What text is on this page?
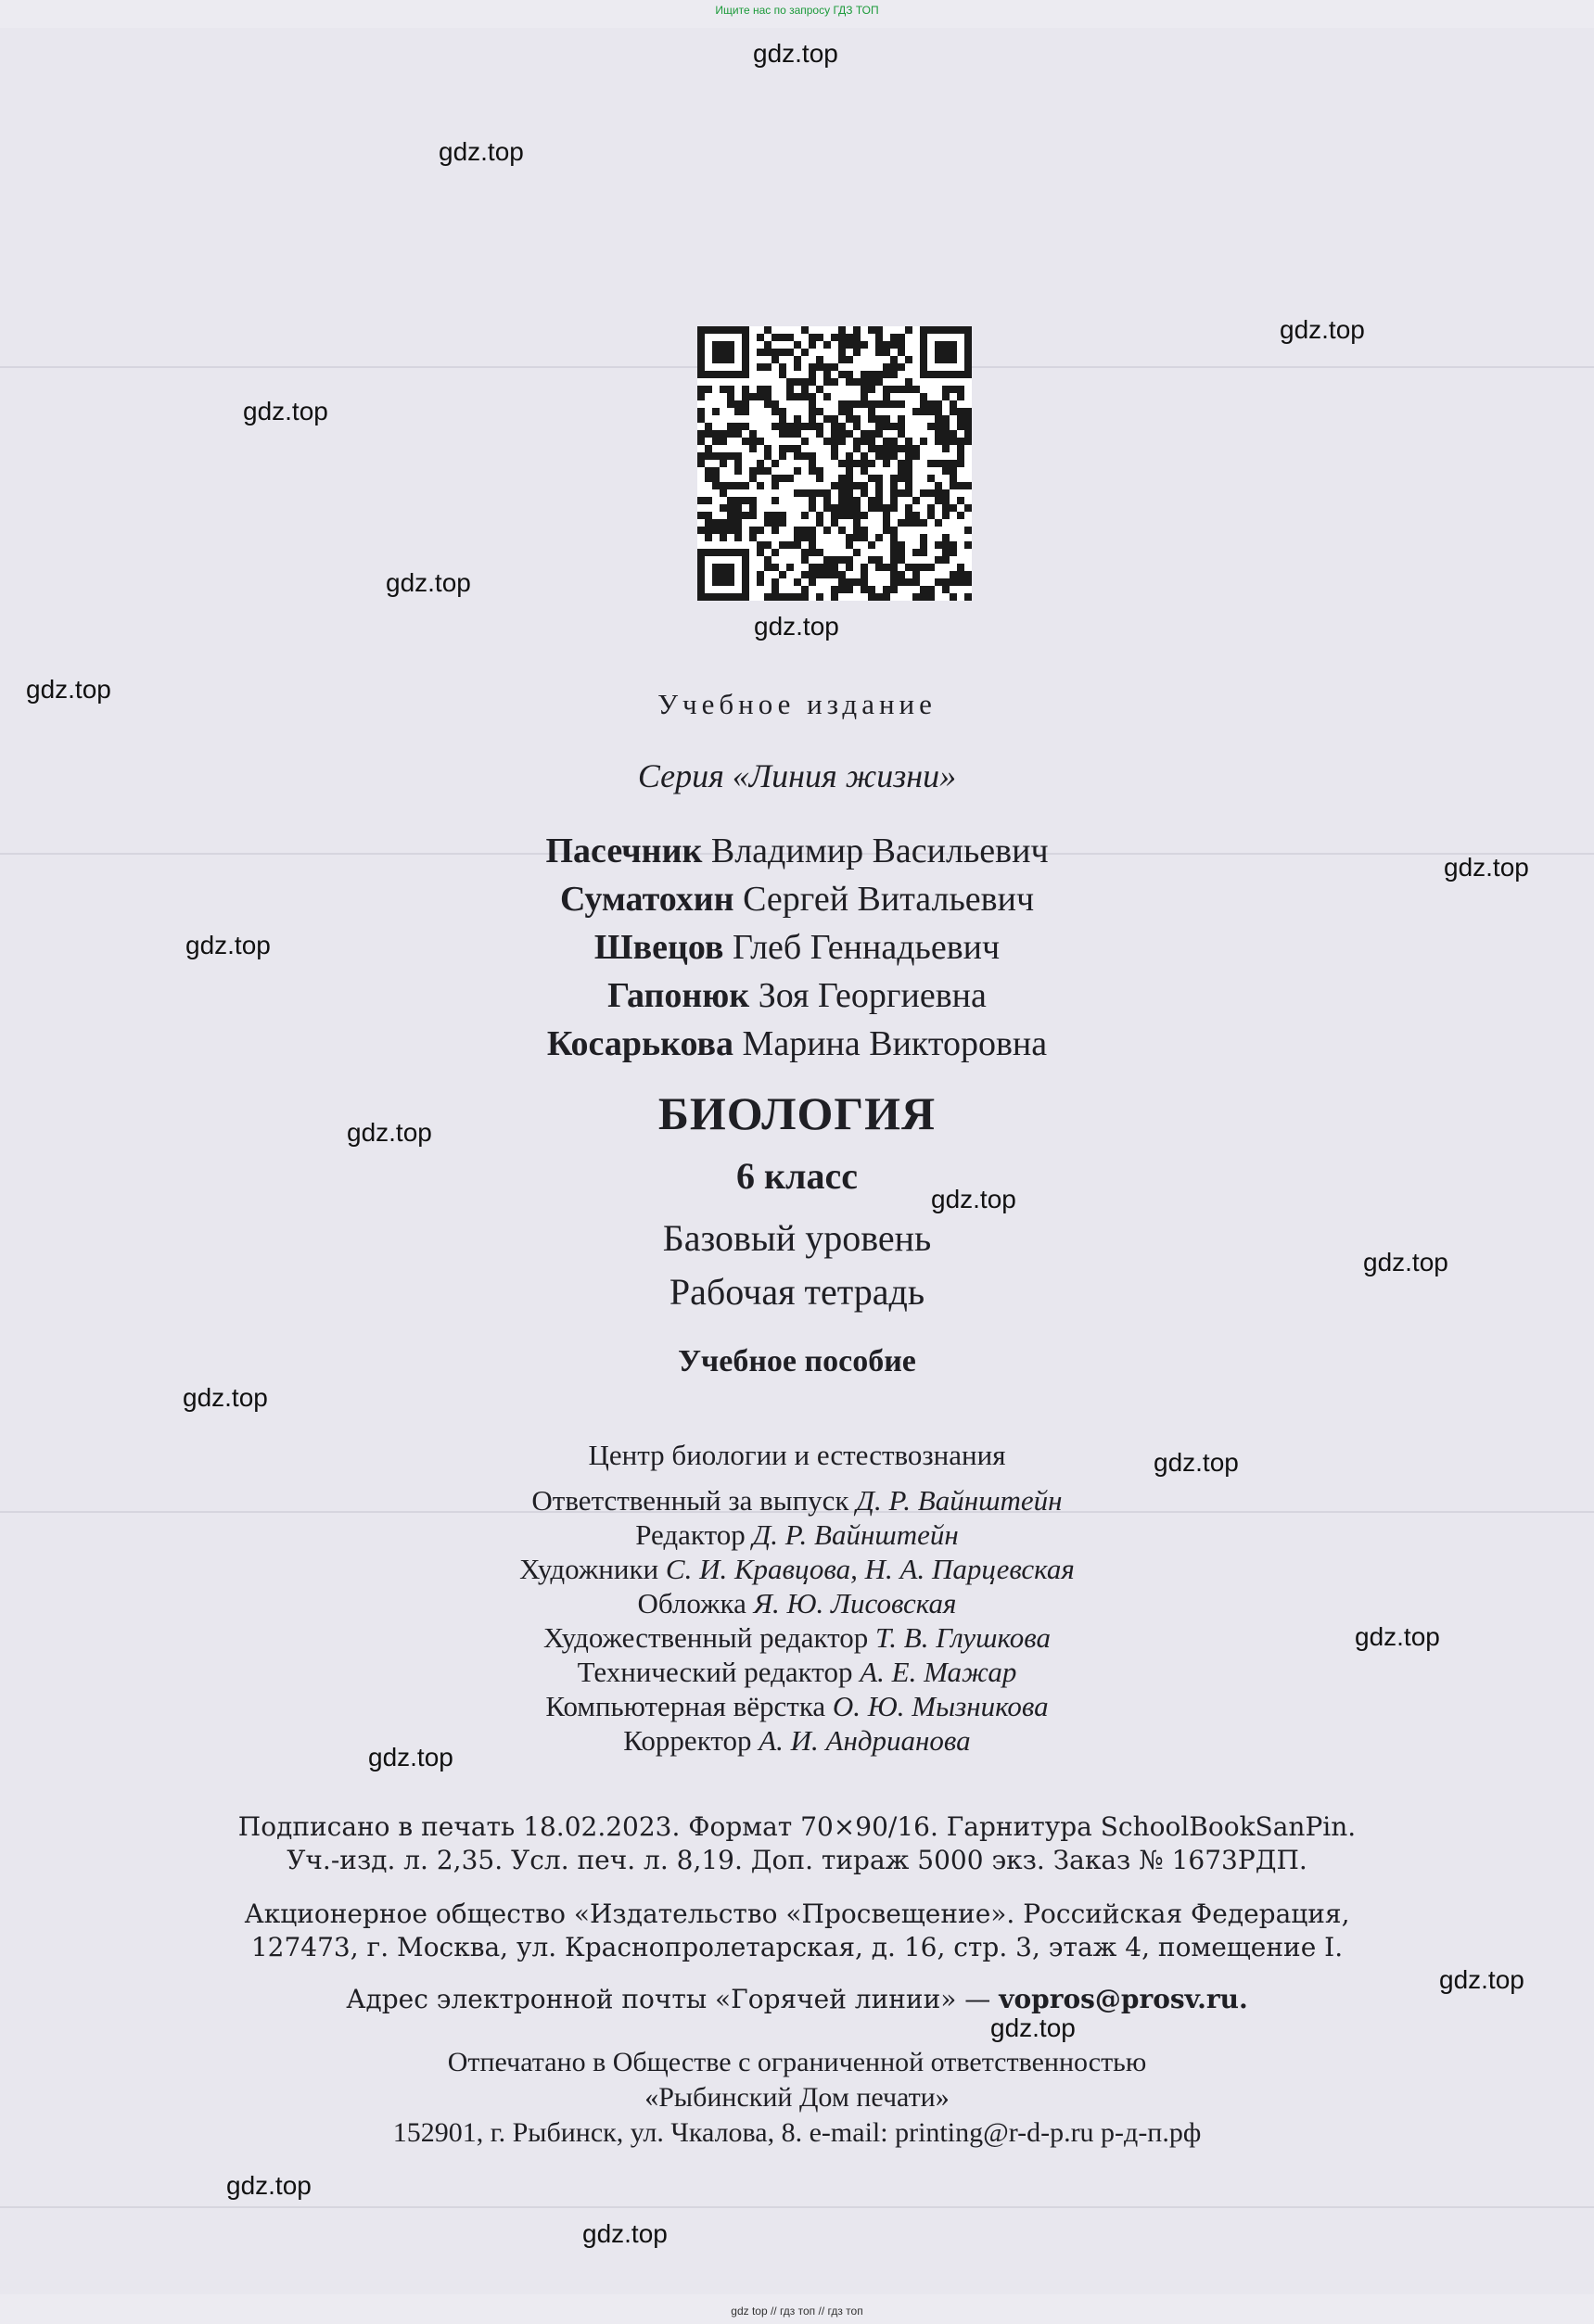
Ищите нас по запросу ГДЗ ТОП
Учебное издание
Серия «Линия жизни»
Пасечник Владимир Васильевич
Суматохин Сергей Витальевич
Швецов Глеб Геннадьевич
Гапонюк Зоя Георгиевна
Косарькова Марина Викторовна
БИОЛОГИЯ
6 класс
Базовый уровень
Рабочая тетрадь
Учебное пособие
Центр биологии и естествознания
Ответственный за выпуск Д. Р. Вайнштейн
Редактор Д. Р. Вайнштейн
Художники С. И. Кравцова, Н. А. Парцевская
Обложка Я. Ю. Лисовская
Художественный редактор Т. В. Глушкова
Технический редактор А. Е. Мажар
Компьютерная вёрстка О. Ю. Мызникова
Корректор А. И. Андрианова
Подписано в печать 18.02.2023. Формат 70×90/16. Гарнитура SchoolBookSanPin.
Уч.-изд. л. 2,35. Усл. печ. л. 8,19. Доп. тираж 5000 экз. Заказ № 1673РДП.
Акционерное общество «Издательство «Просвещение». Российская Федерация,
127473, г. Москва, ул. Краснопролетарская, д. 16, стр. 3, этаж 4, помещение I.
Адрес электронной почты «Горячей линии» — vopros@prosv.ru.
Отпечатано в Обществе с ограниченной ответственностью
«Рыбинский Дом печати»
152901, г. Рыбинск, ул. Чкалова, 8. e-mail: printing@r-d-p.ru р-д-п.рф
gdz.top
gdz.top
gdz.top
gdz.top
gdz.top
gdz.top
gdz.top
gdz.top
gdz.top
gdz.top
gdz.top
gdz.top
gdz.top
gdz.top
gdz.top
gdz.top
gdz.top
gdz.top
gdz.top
gdz.top
gdz top // гдз топ // гдз топ
